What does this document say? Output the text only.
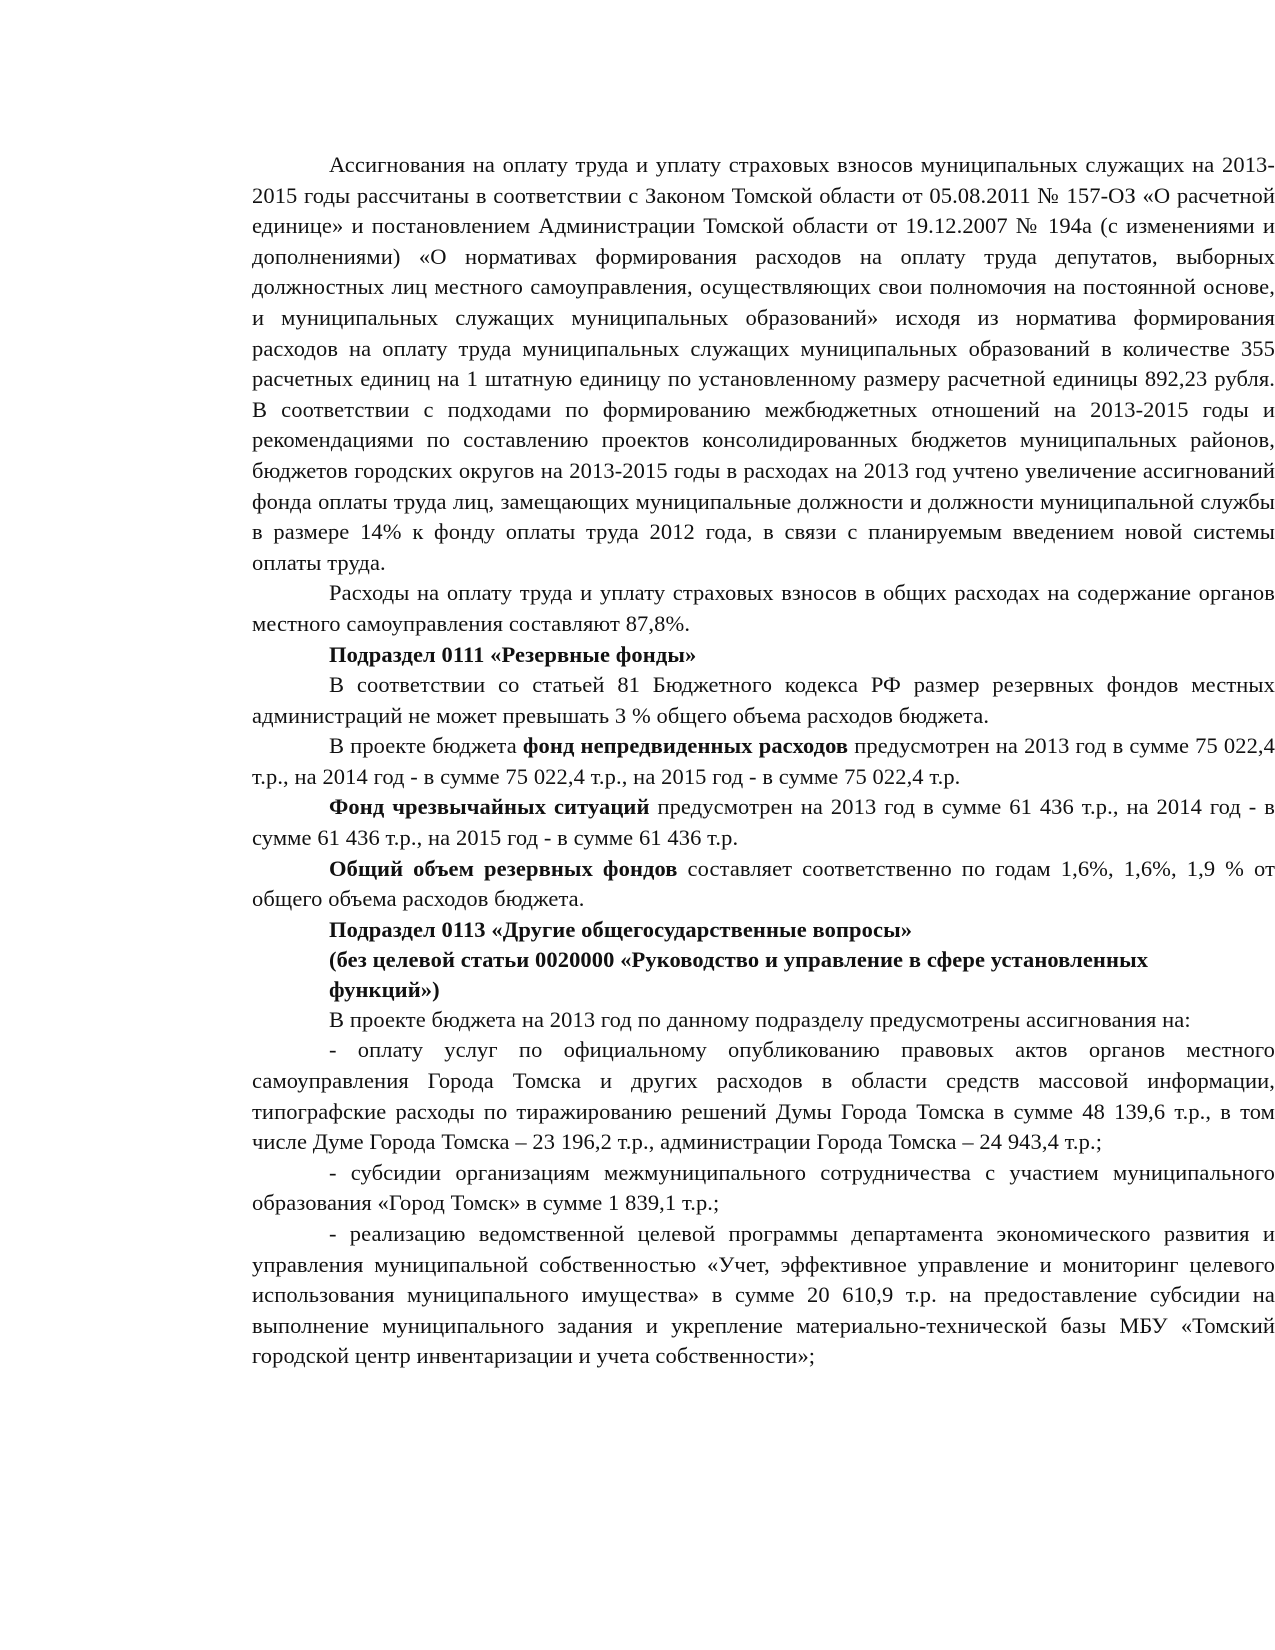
Ассигнования на оплату труда и уплату страховых взносов муниципальных служащих на 2013-2015 годы рассчитаны в соответствии с Законом Томской области от 05.08.2011 № 157-ОЗ «О расчетной единице» и постановлением Администрации Томской области от 19.12.2007 № 194а (с изменениями и дополнениями) «О нормативах формирования расходов на оплату труда депутатов, выборных должностных лиц местного самоуправления, осуществляющих свои полномочия на постоянной основе, и муниципальных служащих муниципальных образований» исходя из норматива формирования расходов на оплату труда муниципальных служащих муниципальных образований в количестве 355 расчетных единиц на 1 штатную единицу по установленному размеру расчетной единицы 892,23 рубля. В соответствии с подходами по формированию межбюджетных отношений на 2013-2015 годы и рекомендациями по составлению проектов консолидированных бюджетов муниципальных районов, бюджетов городских округов на 2013-2015 годы в расходах на 2013 год учтено увеличение ассигнований фонда оплаты труда лиц, замещающих муниципальные должности и должности муниципальной службы в размере 14% к фонду оплаты труда 2012 года, в связи с планируемым введением новой системы оплаты труда.

Расходы на оплату труда и уплату страховых взносов в общих расходах на содержание органов местного самоуправления составляют 87,8%.

Подраздел 0111 «Резервные фонды»

В соответствии со статьей 81 Бюджетного кодекса РФ размер резервных фондов местных администраций не может превышать 3 % общего объема расходов бюджета.

В проекте бюджета фонд непредвиденных расходов предусмотрен на 2013 год в сумме 75 022,4 т.р., на 2014 год - в сумме 75 022,4 т.р., на 2015 год - в сумме 75 022,4 т.р.

Фонд чрезвычайных ситуаций предусмотрен на 2013 год в сумме 61 436 т.р., на 2014 год - в сумме 61 436 т.р., на 2015 год - в сумме 61 436 т.р.

Общий объем резервных фондов составляет соответственно по годам 1,6%, 1,6%, 1,9 % от общего объема расходов бюджета.

Подраздел 0113 «Другие общегосударственные вопросы»
(без целевой статьи 0020000 «Руководство и управление в сфере установленных
функций»)

В проекте бюджета на 2013 год по данному подразделу предусмотрены ассигнования на:

- оплату услуг по официальному опубликованию правовых актов органов местного самоуправления Города Томска и других расходов в области средств массовой информации, типографские расходы по тиражированию решений Думы Города Томска в сумме 48 139,6 т.р., в том числе Думе Города Томска – 23 196,2 т.р., администрации Города Томска – 24 943,4 т.р.;

- субсидии организациям межмуниципального сотрудничества с участием муниципального образования «Город Томск» в сумме 1 839,1 т.р.;

- реализацию ведомственной целевой программы департамента экономического развития и управления муниципальной собственностью «Учет, эффективное управление и мониторинг целевого использования муниципального имущества» в сумме 20 610,9 т.р. на предоставление субсидии на выполнение муниципального задания и укрепление материально-технической базы МБУ «Томский городской центр инвентаризации и учета собственности»;
